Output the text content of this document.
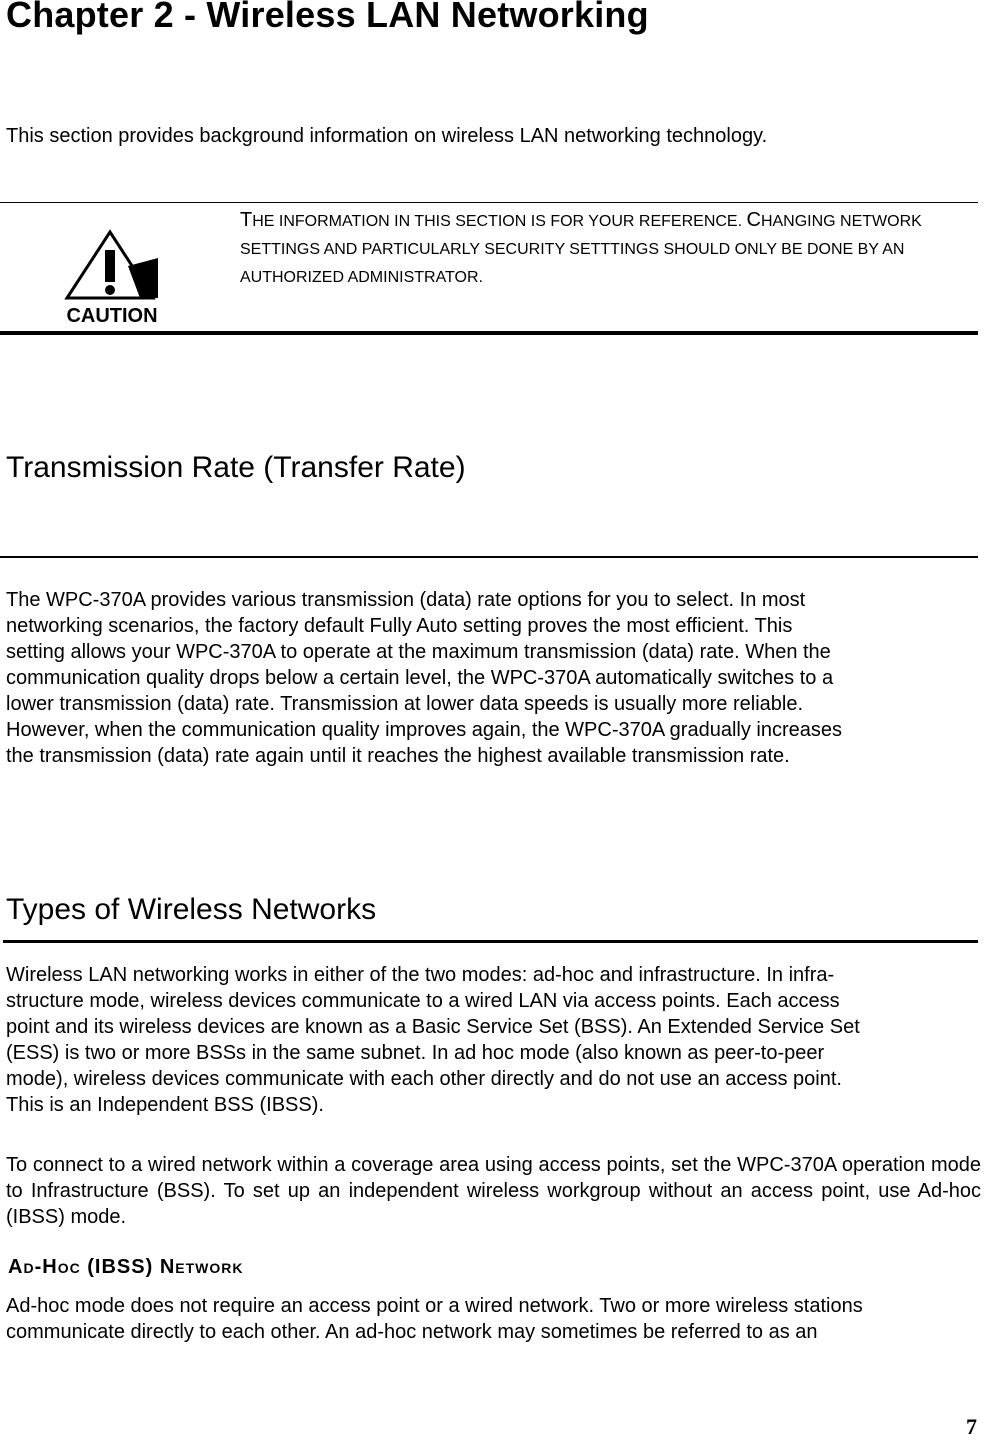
Chapter 2 - Wireless LAN Networking
This section provides background information on wireless LAN networking technology.
CAUTION
THE INFORMATION IN THIS SECTION IS FOR YOUR REFERENCE. CHANGING NETWORK SETTINGS AND PARTICULARLY SECURITY SETTTINGS SHOULD ONLY BE DONE BY AN AUTHORIZED ADMINISTRATOR.
Transmission Rate (Transfer Rate)
The WPC-370A provides various transmission (data) rate options for you to select. In most
networking scenarios, the factory default Fully Auto setting proves the most efficient. This
setting allows your WPC-370A to operate at the maximum transmission (data) rate. When the
communication quality drops below a certain level, the WPC-370A automatically switches to a
lower transmission (data) rate. Transmission at lower data speeds is usually more reliable.
However, when the communication quality improves again, the WPC-370A gradually increases
the transmission (data) rate again until it reaches the highest available transmission rate.
Types of Wireless Networks
Wireless LAN networking works in either of the two modes: ad-hoc and infrastructure. In infra-
structure mode, wireless devices communicate to a wired LAN via access points. Each access
point and its wireless devices are known as a Basic Service Set (BSS). An Extended Service Set
(ESS) is two or more BSSs in the same subnet. In ad hoc mode (also known as peer-to-peer
mode), wireless devices communicate with each other directly and do not use an access point.
This is an Independent BSS (IBSS).
To connect to a wired network within a coverage area using access points, set the WPC-370A operation mode to Infrastructure (BSS). To set up an independent wireless workgroup without an access point, use Ad-hoc (IBSS) mode.
AD-HOC (IBSS) NETWORK
Ad-hoc mode does not require an access point or a wired network. Two or more wireless stations
communicate directly to each other. An ad-hoc network may sometimes be referred to as an
7
